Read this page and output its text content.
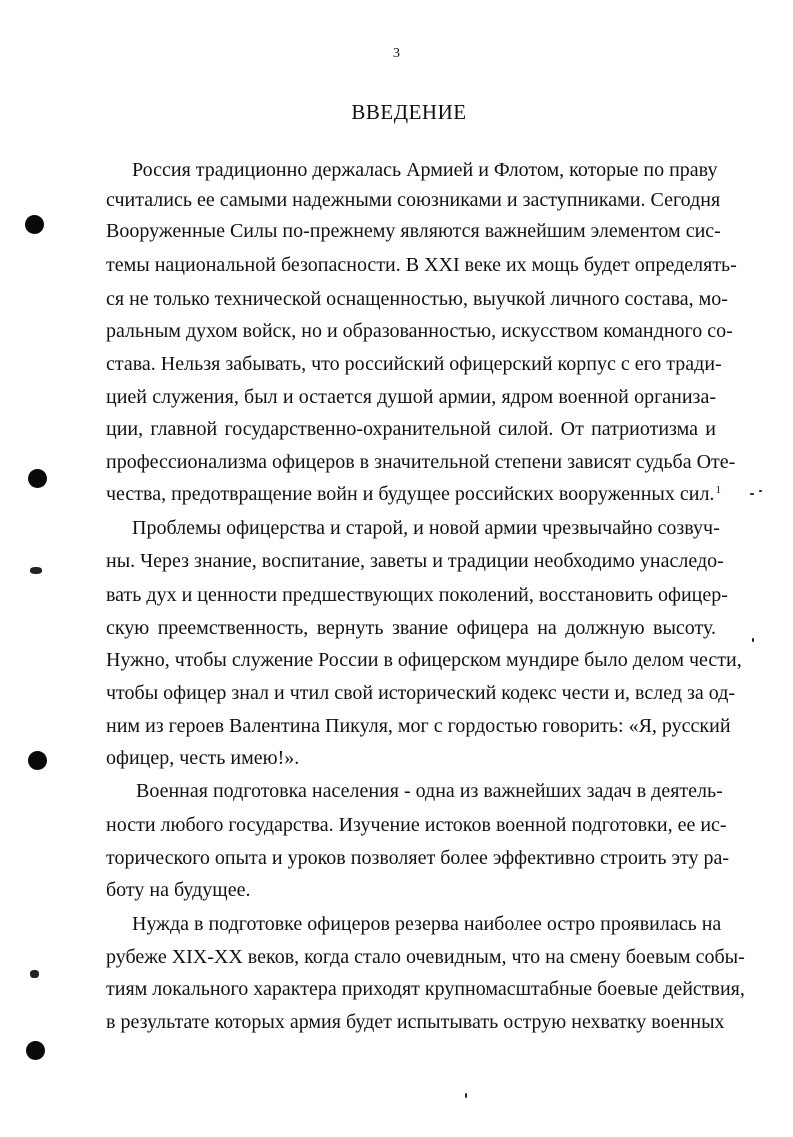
3
ВВЕДЕНИЕ
Россия традиционно держалась Армией и Флотом, которые по праву
считались ее самыми надежными союзниками и заступниками. Сегодня
Вооруженные Силы по-прежнему являются важнейшим элементом сис-
темы национальной безопасности. В XXI веке их мощь будет определять-
ся не только технической оснащенностью, выучкой личного состава, мо-
ральным духом войск, но и образованностью, искусством командного со-
става. Нельзя забывать, что российский офицерский корпус с его тради-
цией служения, был и остается душой армии, ядром военной организа-
ции, главной государственно-охранительной силой. От патриотизма и
профессионализма офицеров в значительной степени зависят судьба Оте-
чества, предотвращение войн и будущее российских вооруженных сил.$^1$
Проблемы офицерства и старой, и новой армии чрезвычайно созвуч-
ны. Через знание, воспитание, заветы и традиции необходимо унаследо-
вать дух и ценности предшествующих поколений, восстановить офицер-
скую преемственность, вернуть звание офицера на должную высоту.
Нужно, чтобы служение России в офицерском мундире было делом чести,
чтобы офицер знал и чтил свой исторический кодекс чести и, вслед за од-
ним из героев Валентина Пикуля, мог с гордостью говорить: «Я, русский
офицер, честь имею!».
Военная подготовка населения - одна из важнейших задач в деятель-
ности любого государства. Изучение истоков военной подготовки, ее ис-
торического опыта и уроков позволяет более эффективно строить эту ра-
боту на будущее.
Нужда в подготовке офицеров резерва наиболее остро проявилась на
рубеже XIX-XX веков, когда стало очевидным, что на смену боевым собы-
тиям локального характера приходят крупномасштабные боевые действия,
в результате которых армия будет испытывать острую нехватку военных
